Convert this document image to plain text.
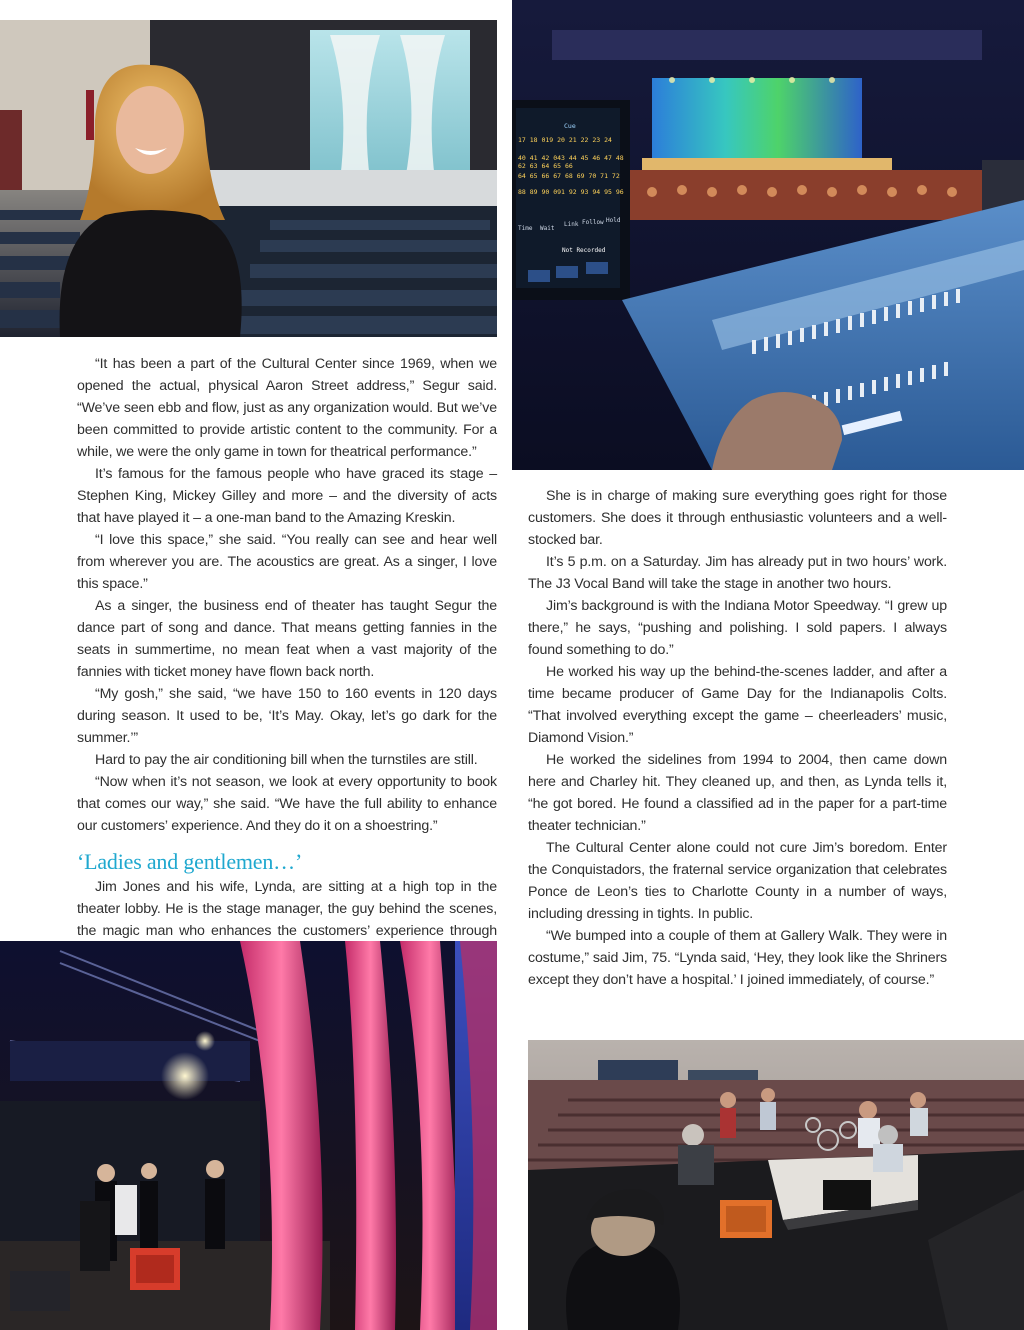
Cue
17 18 019 20 21 22 23 24
40 41 42 043 44 45 46 47 48
62 63 64 65 66
64 65 66 67 68 69 70 71 72
88 89 90 091 92 93 94 95 96
Time Wait
Link Follow Hold
Not Recorded

“It has been a part of the Cultural Center since 1969, when we opened the actual, physical Aaron Street address,” Segur said. “We’ve seen ebb and flow, just as any organization would. But we’ve been committed to provide artistic content to the community. For a while, we were the only game in town for theatrical performance.”

It’s famous for the famous people who have graced its stage – Stephen King, Mickey Gilley and more – and the diversity of acts that have played it – a one-man band to the Amazing Kreskin.

“I love this space,” she said. “You really can see and hear well from wherever you are. The acoustics are great. As a singer, I love this space.”

As a singer, the business end of theater has taught Segur the dance part of song and dance. That means getting fannies in the seats in summertime, no mean feat when a vast majority of the fannies with ticket money have flown back north.

“My gosh,” she said, “we have 150 to 160 events in 120 days during season. It used to be, ‘It’s May. Okay, let’s go dark for the summer.’”

Hard to pay the air conditioning bill when the turnstiles are still.

“Now when it’s not season, we look at every opportunity to book that comes our way,” she said. “We have the full ability to enhance our customers’ experience. And they do it on a shoestring.”

‘Ladies and gentlemen…’

Jim Jones and his wife, Lynda, are sitting at a high top in the theater lobby. He is the stage manager, the guy behind the scenes, the magic man who enhances the customers’ experience through

She is in charge of making sure everything goes right for those customers. She does it through enthusiastic volunteers and a well-stocked bar.

It’s 5 p.m. on a Saturday. Jim has already put in two hours’ work. The J3 Vocal Band will take the stage in another two hours.

Jim’s background is with the Indiana Motor Speedway. “I grew up there,” he says, “pushing and polishing. I sold papers. I always found something to do.”

He worked his way up the behind-the-scenes ladder, and after a time became producer of Game Day for the Indianapolis Colts. “That involved everything except the game – cheerleaders’ music, Diamond Vision.”

He worked the sidelines from 1994 to 2004, then came down here and Charley hit. They cleaned up, and then, as Lynda tells it, “he got bored. He found a classified ad in the paper for a part-time theater technician.”

The Cultural Center alone could not cure Jim’s boredom. Enter the Conquistadors, the fraternal service organization that celebrates Ponce de Leon’s ties to Charlotte County in a number of ways, including dressing in tights. In public.

“We bumped into a couple of them at Gallery Walk. They were in costume,” said Jim, 75. “Lynda said, ‘Hey, they look like the Shriners except they don’t have a hospital.’ I joined immediately, of course.”
